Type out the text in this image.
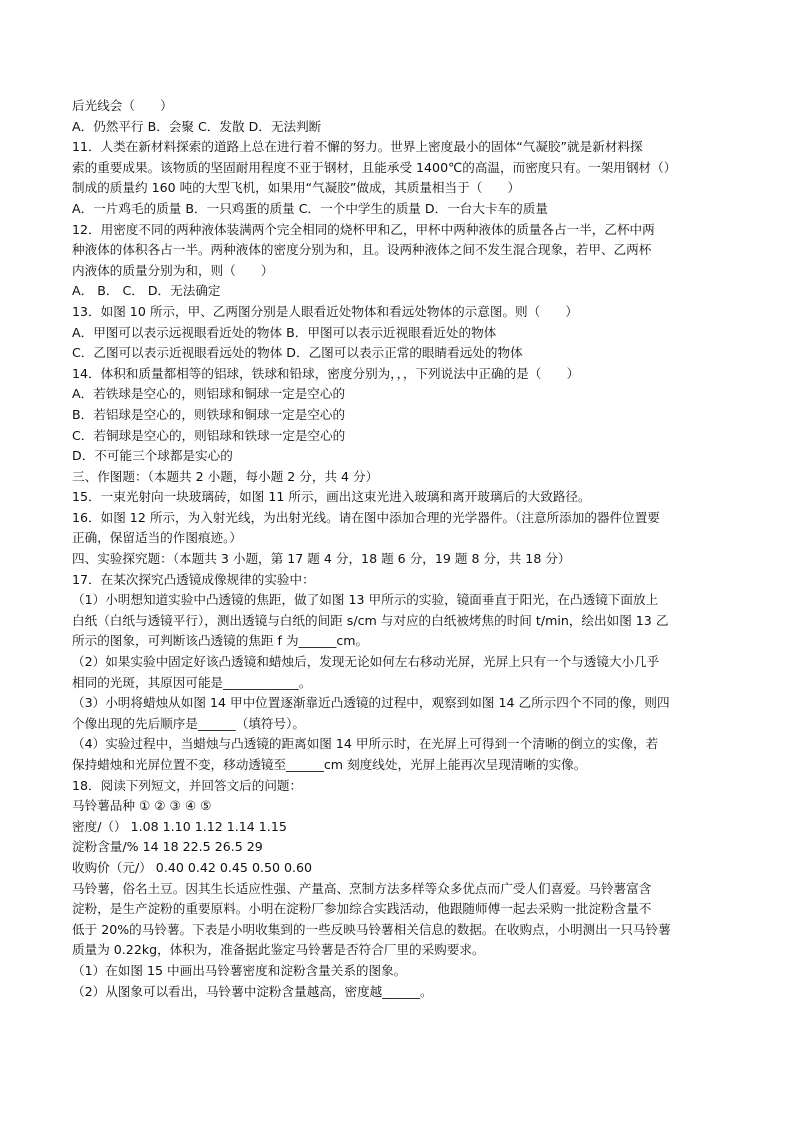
后光线会（　　）
A．仍然平行 B．会聚 C．发散 D．无法判断
11．人类在新材料探索的道路上总在进行着不懈的努力。世界上密度最小的固体“气凝胶”就是新材料探
索的重要成果。该物质的坚固耐用程度不亚于钢材，且能承受 1400℃的高温，而密度只有。一架用钢材（）
制成的质量约 160 吨的大型飞机，如果用“气凝胶”做成，其质量相当于（　　）
A．一片鸡毛的质量 B．一只鸡蛋的质量 C．一个中学生的质量 D．一台大卡车的质量
12．用密度不同的两种液体装满两个完全相同的烧杯甲和乙，甲杯中两种液体的质量各占一半，乙杯中两
种液体的体积各占一半。两种液体的密度分别为和，且。设两种液体之间不发生混合现象，若甲、乙两杯
内液体的质量分别为和，则（　　）
A． B． C． D．无法确定
13．如图 10 所示，甲、乙两图分别是人眼看近处物体和看远处物体的示意图。则（　　）
A．甲图可以表示远视眼看近处的物体 B．甲图可以表示近视眼看近处的物体
C．乙图可以表示近视眼看远处的物体 D．乙图可以表示正常的眼睛看远处的物体
14．体积和质量都相等的铝球，铁球和铅球，密度分别为，，，下列说法中正确的是（　　）
A．若铁球是空心的，则铝球和铜球一定是空心的
B．若铝球是空心的，则铁球和铜球一定是空心的
C．若铜球是空心的，则铝球和铁球一定是空心的
D．不可能三个球都是实心的
三、作图题：（本题共 2 小题，每小题 2 分，共 4 分）
15．一束光射向一块玻璃砖，如图 11 所示，画出这束光进入玻璃和离开玻璃后的大致路径。
16．如图 12 所示，为入射光线，为出射光线。请在图中添加合理的光学器件。（注意所添加的器件位置要
正确，保留适当的作图痕迹。）
四、实验探究题：（本题共 3 小题，第 17 题 4 分，18 题 6 分，19 题 8 分，共 18 分）
17．在某次探究凸透镜成像规律的实验中：
（1）小明想知道实验中凸透镜的焦距，做了如图 13 甲所示的实验，镜面垂直于阳光，在凸透镜下面放上
白纸（白纸与透镜平行），测出透镜与白纸的间距 s/cm 与对应的白纸被烤焦的时间 t/min，绘出如图 13 乙
所示的图象，可判断该凸透镜的焦距 f 为______cm。
（2）如果实验中固定好该凸透镜和蜡烛后，发现无论如何左右移动光屏，光屏上只有一个与透镜大小几乎
相同的光斑，其原因可能是____________。
（3）小明将蜡烛从如图 14 甲中位置逐渐靠近凸透镜的过程中，观察到如图 14 乙所示四个不同的像，则四
个像出现的先后顺序是______（填符号）。
（4）实验过程中，当蜡烛与凸透镜的距离如图 14 甲所示时，在光屏上可得到一个清晰的倒立的实像，若
保持蜡烛和光屏位置不变，移动透镜至______cm 刻度线处，光屏上能再次呈现清晰的实像。
18．阅读下列短文，并回答文后的问题：
马铃薯品种 ① ② ③ ④ ⑤
密度/（） 1.08 1.10 1.12 1.14 1.15
淀粉含量/% 14 18 22.5 26.5 29
收购价（元/） 0.40 0.42 0.45 0.50 0.60
马铃薯，俗名土豆。因其生长适应性强、产量高、烹制方法多样等众多优点而广受人们喜爱。马铃薯富含
淀粉，是生产淀粉的重要原料。小明在淀粉厂参加综合实践活动，他跟随师傅一起去采购一批淀粉含量不
低于 20%的马铃薯。下表是小明收集到的一些反映马铃薯相关信息的数据。在收购点，小明测出一只马铃薯
质量为 0.22kg，体积为，准备据此鉴定马铃薯是否符合厂里的采购要求。
（1）在如图 15 中画出马铃薯密度和淀粉含量关系的图象。
（2）从图象可以看出，马铃薯中淀粉含量越高，密度越______。
